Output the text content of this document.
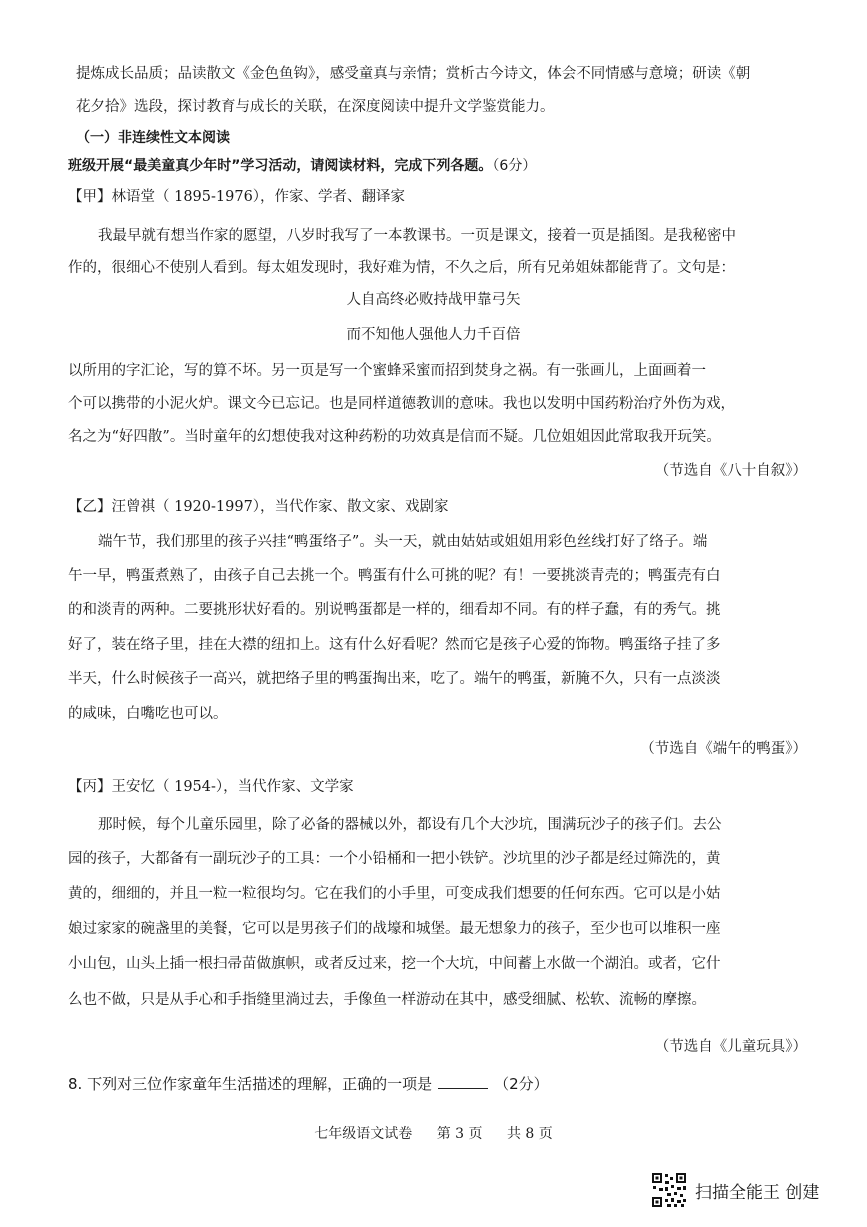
提炼成长品质；品读散文《金色鱼钩》，感受童真与亲情；赏析古今诗文，体会不同情感与意境；研读《朝
花夕拾》选段，探讨教育与成长的关联，在深度阅读中提升文学鉴赏能力。
（一）非连续性文本阅读
班级开展“最美童真少年时”学习活动，请阅读材料，完成下列各题。（6分）
【甲】林语堂（ 1895-1976），作家、学者、翻译家
我最早就有想当作家的愿望，八岁时我写了一本教课书。一页是课文，接着一页是插图。是我秘密中
作的，很细心不使别人看到。每太姐发现时，我好难为情，不久之后，所有兄弟姐妹都能背了。文句是：
人自高终必败持战甲靠弓矢
而不知他人强他人力千百倍
以所用的字汇论，写的算不坏。另一页是写一个蜜蜂采蜜而招到焚身之祸。有一张画儿，上面画着一
个可以携带的小泥火炉。课文今已忘记。也是同样道德教训的意味。我也以发明中国药粉治疗外伤为戏，
名之为“好四散”。当时童年的幻想使我对这种药粉的功效真是信而不疑。几位姐姐因此常取我开玩笑。
（节选自《八十自叙》）
【乙】汪曾祺（ 1920-1997），当代作家、散文家、戏剧家
端午节，我们那里的孩子兴挂“鸭蛋络子”。头一天，就由姑姑或姐姐用彩色丝线打好了络子。端
午一早，鸭蛋煮熟了，由孩子自己去挑一个。鸭蛋有什么可挑的呢？有！一要挑淡青壳的；鸭蛋壳有白
的和淡青的两种。二要挑形状好看的。别说鸭蛋都是一样的，细看却不同。有的样子蠢，有的秀气。挑
好了，装在络子里，挂在大襟的纽扣上。这有什么好看呢？然而它是孩子心爱的饰物。鸭蛋络子挂了多
半天，什么时候孩子一高兴，就把络子里的鸭蛋掏出来，吃了。端午的鸭蛋，新腌不久，只有一点淡淡
的咸味，白嘴吃也可以。
（节选自《端午的鸭蛋》）
【丙】王安忆（ 1954-），当代作家、文学家
那时候，每个儿童乐园里，除了必备的器械以外，都设有几个大沙坑，围满玩沙子的孩子们。去公
园的孩子，大都备有一副玩沙子的工具：一个小铅桶和一把小铁铲。沙坑里的沙子都是经过筛洗的，黄
黄的，细细的，并且一粒一粒很均匀。它在我们的小手里，可变成我们想要的任何东西。它可以是小姑
娘过家家的碗盏里的美餐，它可以是男孩子们的战壕和城堡。最无想象力的孩子，至少也可以堆积一座
小山包，山头上插一根扫帚苗做旗帜，或者反过来，挖一个大坑，中间蓄上水做一个湖泊。或者，它什
么也不做，只是从手心和手指缝里淌过去，手像鱼一样游动在其中，感受细腻、松软、流畅的摩擦。
（节选自《儿童玩具》）
8. 下列对三位作家童年生活描述的理解，正确的一项是	（2分）
七年级语文试卷 第 3 页 共 8 页
扫描全能王 创建
